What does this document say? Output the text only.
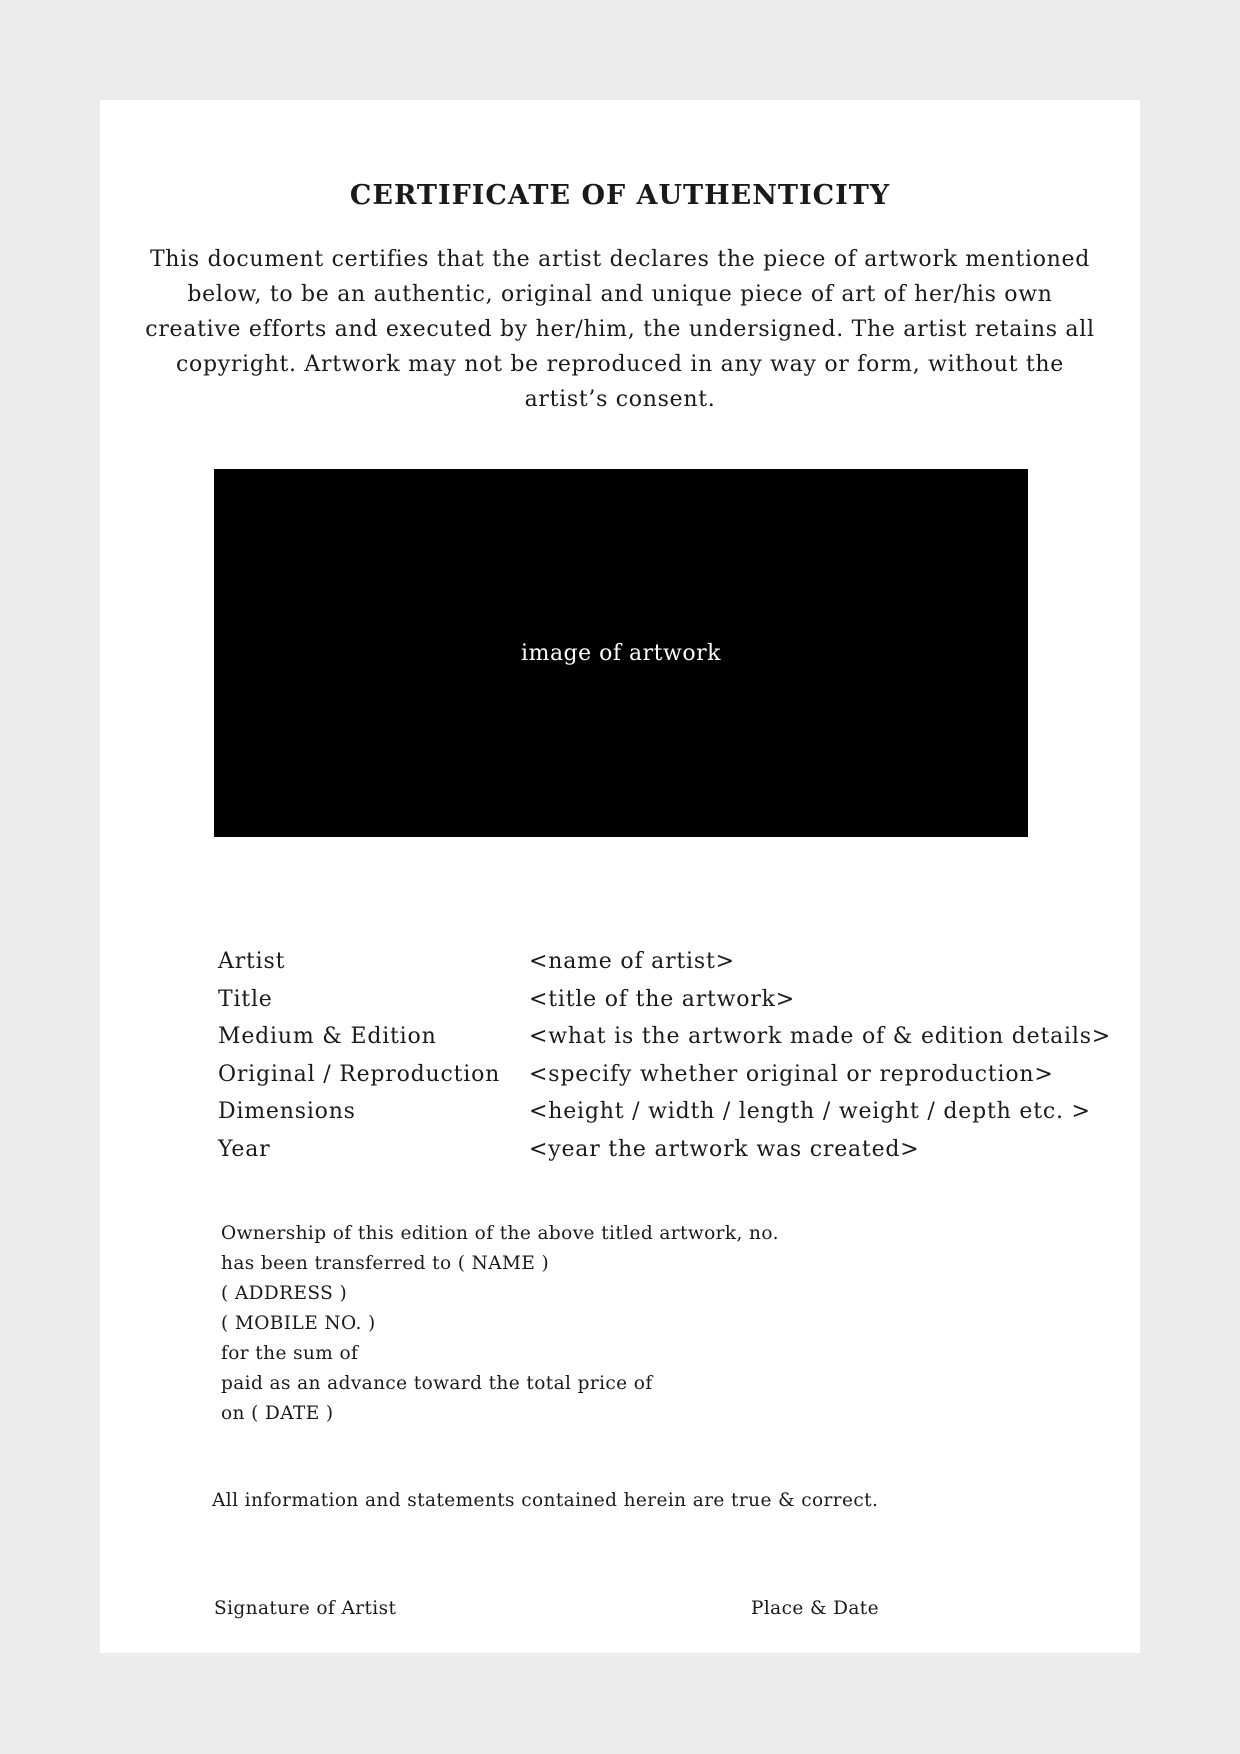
CERTIFICATE OF AUTHENTICITY

This document certifies that the artist declares the piece of artwork mentioned below, to be an authentic, original and unique piece of art of her/his own creative efforts and executed by her/him, the undersigned. The artist retains all copyright. Artwork may not be reproduced in any way or form, without the artist’s consent.

image of artwork
Artist	<name of artist>
Title	<title of the artwork>
Medium & Edition	<what is the artwork made of & edition details>
Original / Reproduction	<specify whether original or reproduction>
Dimensions	<height / width / length / weight / depth etc. >
Year	<year the artwork was created>
Ownership of this edition of the above titled artwork, no.
has been transferred to ( NAME )
( ADDRESS )
( MOBILE NO. )
for the sum of
paid as an advance toward the total price of
on ( DATE )

All information and statements contained herein are true & correct.

Signature of Artist	Place & Date
